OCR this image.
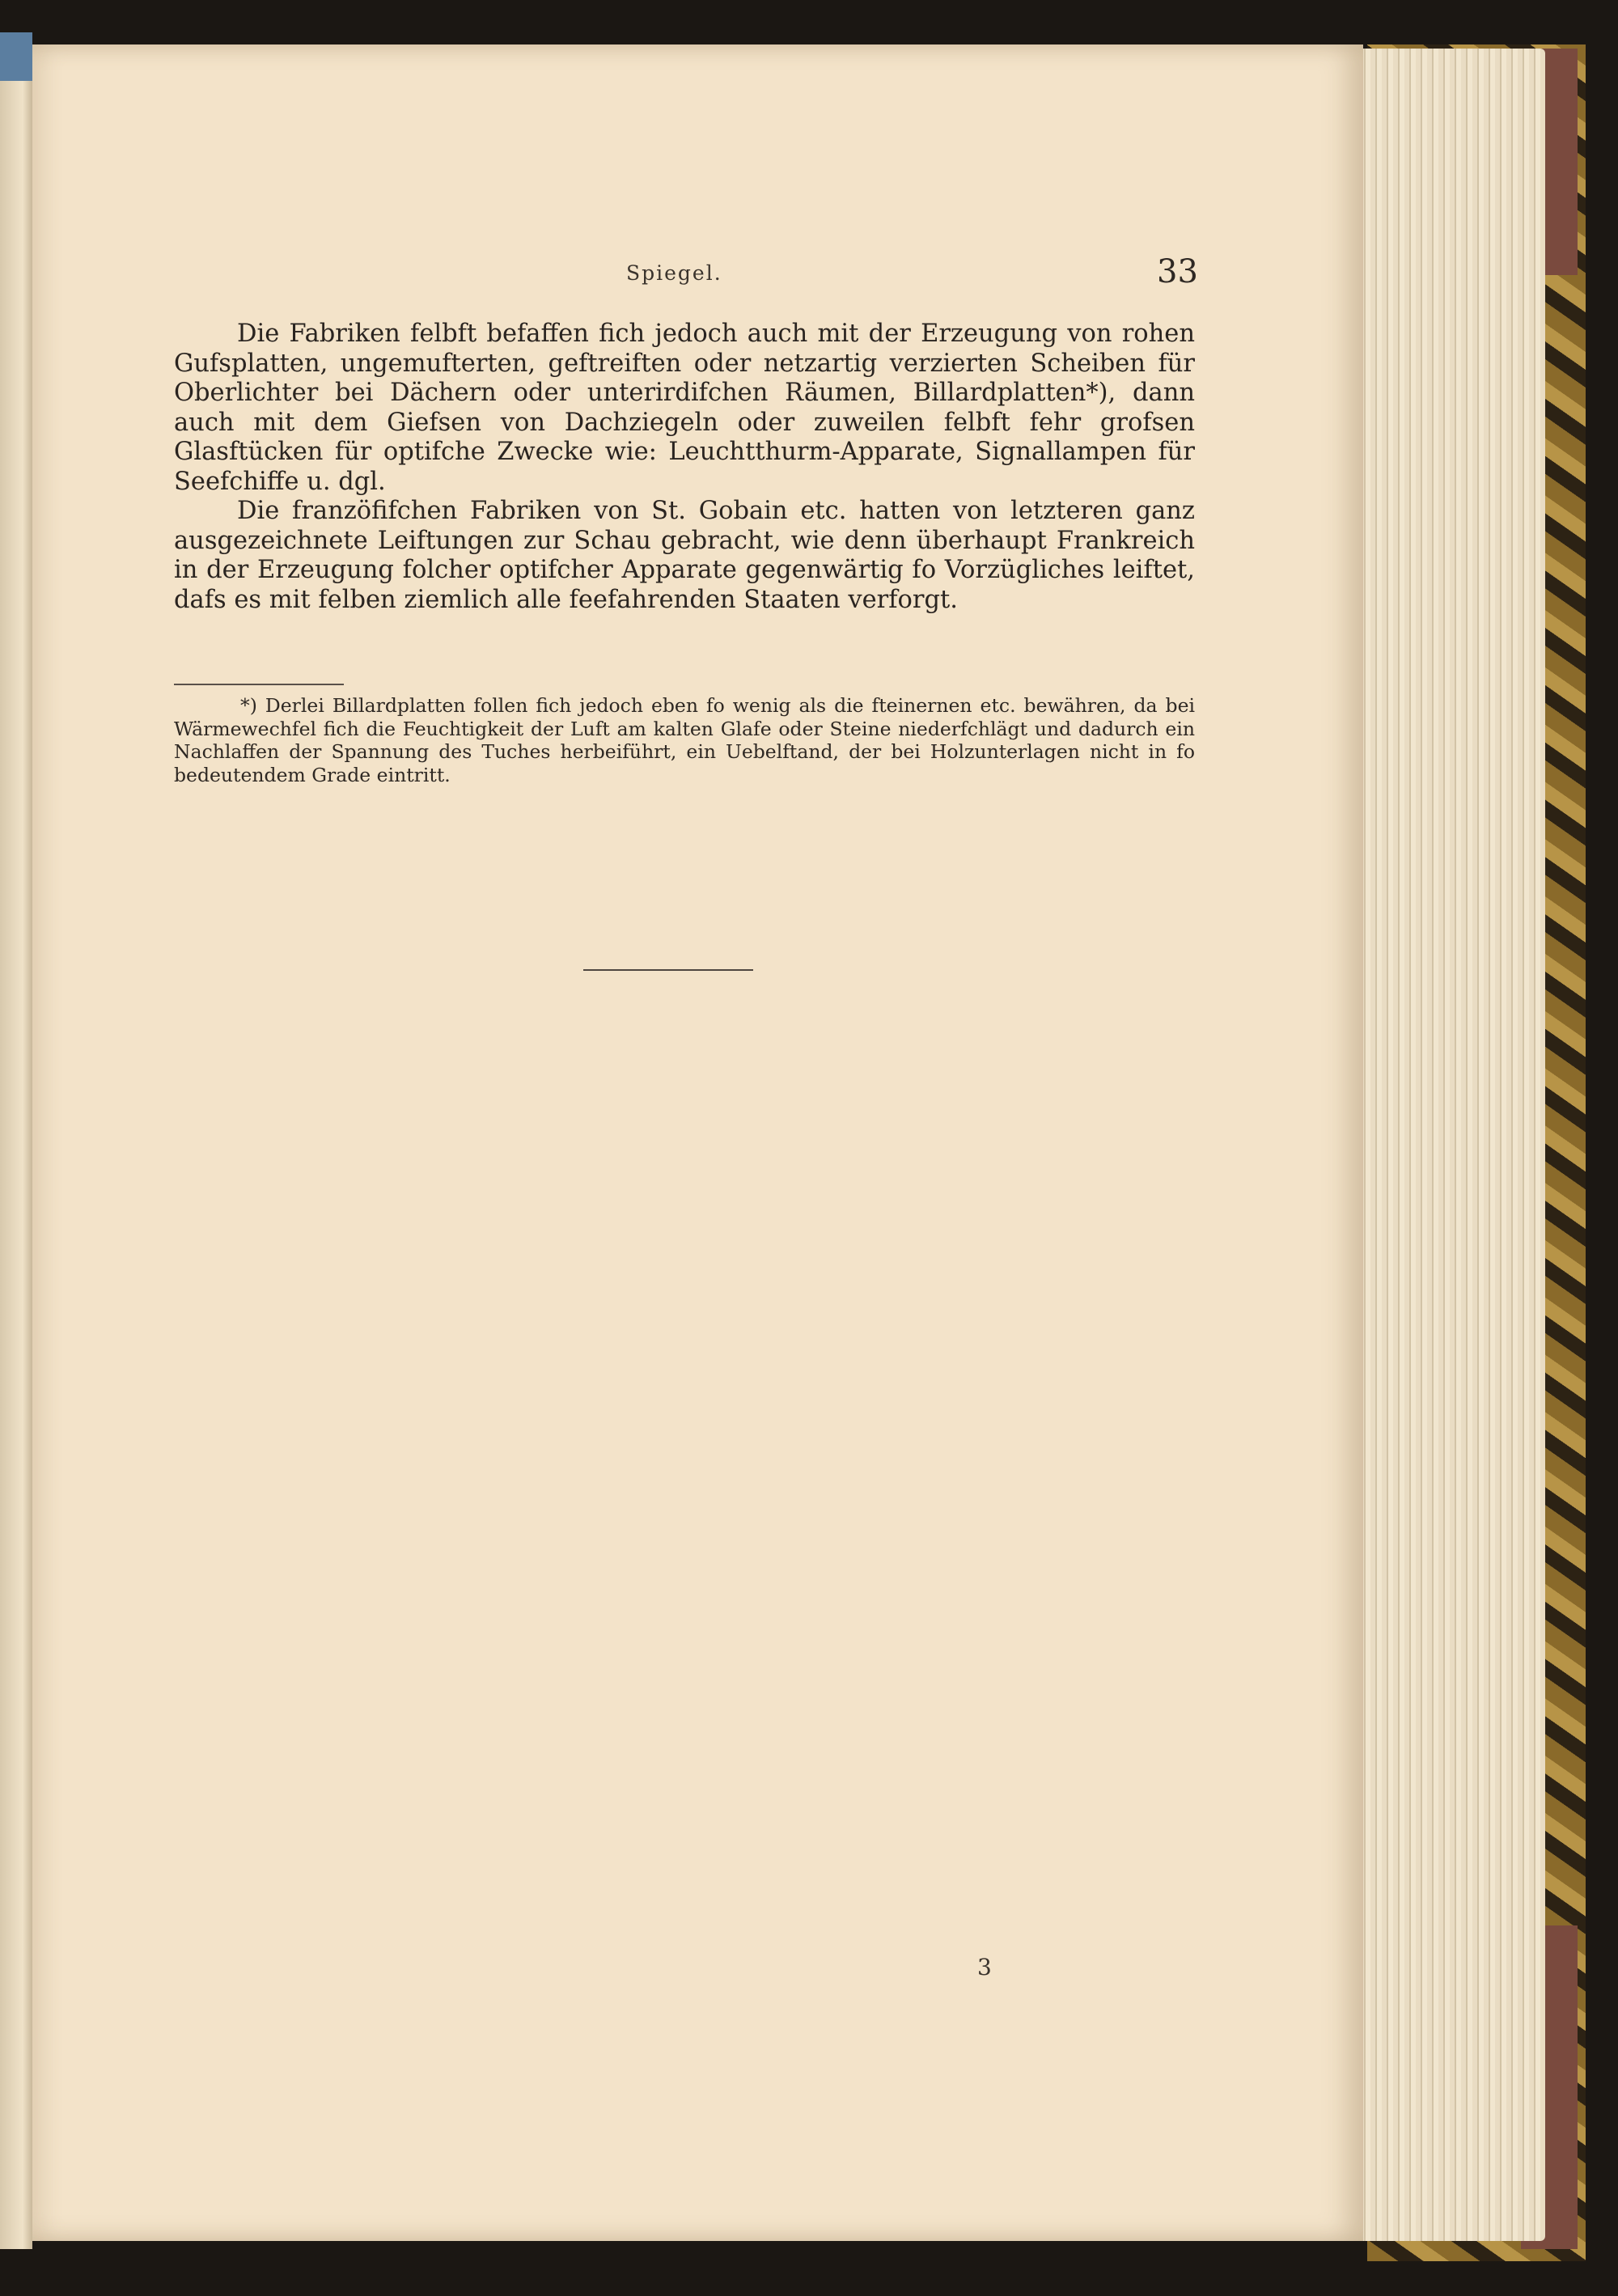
Spiegel.	33

Die Fabriken felbft befaffen fich jedoch auch mit der Erzeugung von rohen Gufsplatten, ungemufterten, geftreiften oder netzartig verzierten Scheiben für Oberlichter bei Dächern oder unterirdifchen Räumen, Billardplatten*), dann auch mit dem Giefsen von Dachziegeln oder zuweilen felbft fehr grofsen Glasftücken für optifche Zwecke wie: Leuchtthurm-Apparate, Signallampen für Seefchiffe u. dgl.

Die franzöfifchen Fabriken von St. Gobain etc. hatten von letzteren ganz ausgezeichnete Leiftungen zur Schau gebracht, wie denn überhaupt Frankreich in der Erzeugung folcher optifcher Apparate gegenwärtig fo Vorzügliches leiftet, dafs es mit felben ziemlich alle feefahrenden Staaten verforgt.

*) Derlei Billardplatten follen fich jedoch eben fo wenig als die fteinernen etc. bewähren, da bei Wärmewechfel fich die Feuchtigkeit der Luft am kalten Glafe oder Steine niederfchlägt und dadurch ein Nachlaffen der Spannung des Tuches herbeiführt, ein Uebelftand, der bei Holzunterlagen nicht in fo bedeutendem Grade eintritt.

3
